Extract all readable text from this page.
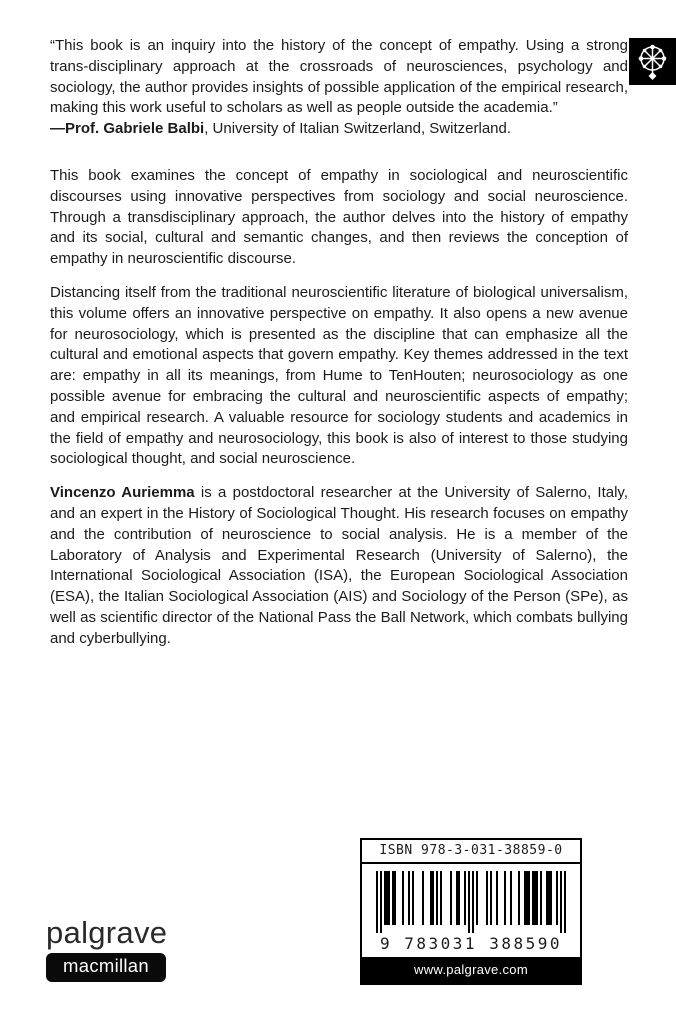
“This book is an inquiry into the history of the concept of empathy. Using a strong trans-disciplinary approach at the crossroads of neurosciences, psychology and sociology, the author provides insights of possible application of the empirical research, making this work useful to scholars as well as people outside the academia.”

—Prof. Gabriele Balbi, University of Italian Switzerland, Switzerland.

This book examines the concept of empathy in sociological and neuroscientific discourses using innovative perspectives from sociology and social neuroscience. Through a transdisciplinary approach, the author delves into the history of empathy and its social, cultural and semantic changes, and then reviews the conception of empathy in neuroscientific discourse.

Distancing itself from the traditional neuroscientific literature of biological universalism, this volume offers an innovative perspective on empathy. It also opens a new avenue for neurosociology, which is presented as the discipline that can emphasize all the cultural and emotional aspects that govern empathy. Key themes addressed in the text are: empathy in all its meanings, from Hume to TenHouten; neurosociology as one possible avenue for embracing the cultural and neuroscientific aspects of empathy; and empirical research. A valuable resource for sociology students and academics in the field of empathy and neurosociology, this book is also of interest to those studying sociological thought, and social neuroscience.

Vincenzo Auriemma is a postdoctoral researcher at the University of Salerno, Italy, and an expert in the History of Sociological Thought. His research focuses on empathy and the contribution of neuroscience to social analysis. He is a member of the Laboratory of Analysis and Experimental Research (University of Salerno), the International Sociological Association (ISA), the European Sociological Association (ESA), the Italian Sociological Association (AIS) and Sociology of the Person (SPe), as well as scientific director of the National Pass the Ball Network, which combats bullying and cyberbullying.

palgrave
macmillan
ISBN 978-3-031-38859-0
9 783031 388590
www.palgrave.com
